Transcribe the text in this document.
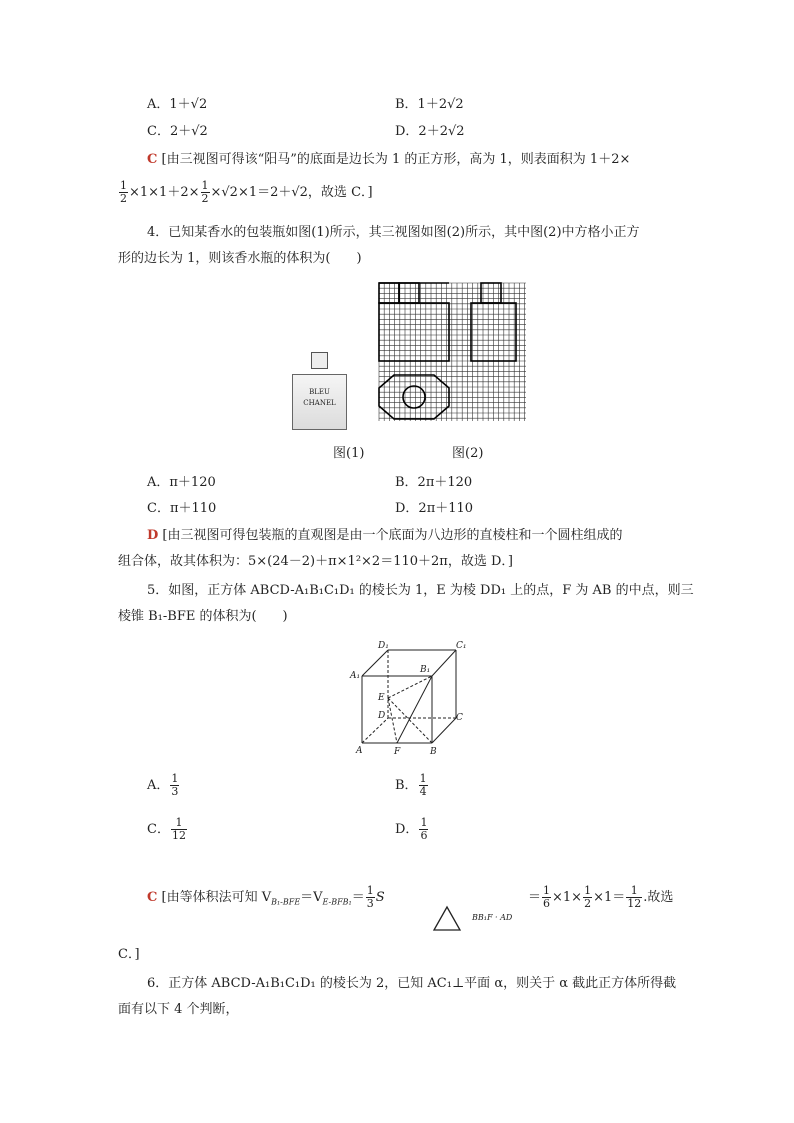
A．1＋√2	B．1＋2√2
C．2＋√2	D．2＋2√2
C [由三视图可得该“阳马”的底面是边长为 1 的正方形，高为 1，则表面积为 1＋2×
$\frac{1}{2} \times 1\times 1+2\times \frac{1}{2} \times√2\times 1=2+√2$，故选 C．]
4．已知某香水的包装瓶如图(1)所示，其三视图如图(2)所示，其中图(2)中方格小正方
形的边长为 1，则该香水瓶的体积为(　　)
BLEU
CHANEL
图(1)	图(2)
A．π＋120	B．2π＋120
C．π＋110	D．2π＋110
D [由三视图可得包装瓶的直观图是由一个底面为八边形的直棱柱和一个圆柱组成的
组合体，故其体积为：5×(24－2)＋π×1²×2＝110＋2π，故选 D．]
5．如图，正方体 ABCD-A₁B₁C₁D₁ 的棱长为 1，E 为棱 DD₁ 上的点，F 为 AB 的中点，则三
棱锥 B₁-BFE 的体积为(　　)
D₁	C₁
A₁
B₁
E
D	C
A	F	B
A． $\frac{1}{3}$	B． $\frac{1}{4}$
C． $\frac{1}{12}$	D． $\frac{1}{6}$
C [由等体积法可知 $V_{B_1-BFE}=V_{E-BFB_1}= \frac{1}{3}$ S
BB₁F · AD
＝ $\frac{1}{6} \times 1\times \frac{1}{2} \times 1= \frac{1}{12}$ .故选
C．]
6．正方体 ABCD-A₁B₁C₁D₁ 的棱长为 2，已知 AC₁⊥平面 α，则关于 α 截此正方体所得截
面有以下 4 个判断，
